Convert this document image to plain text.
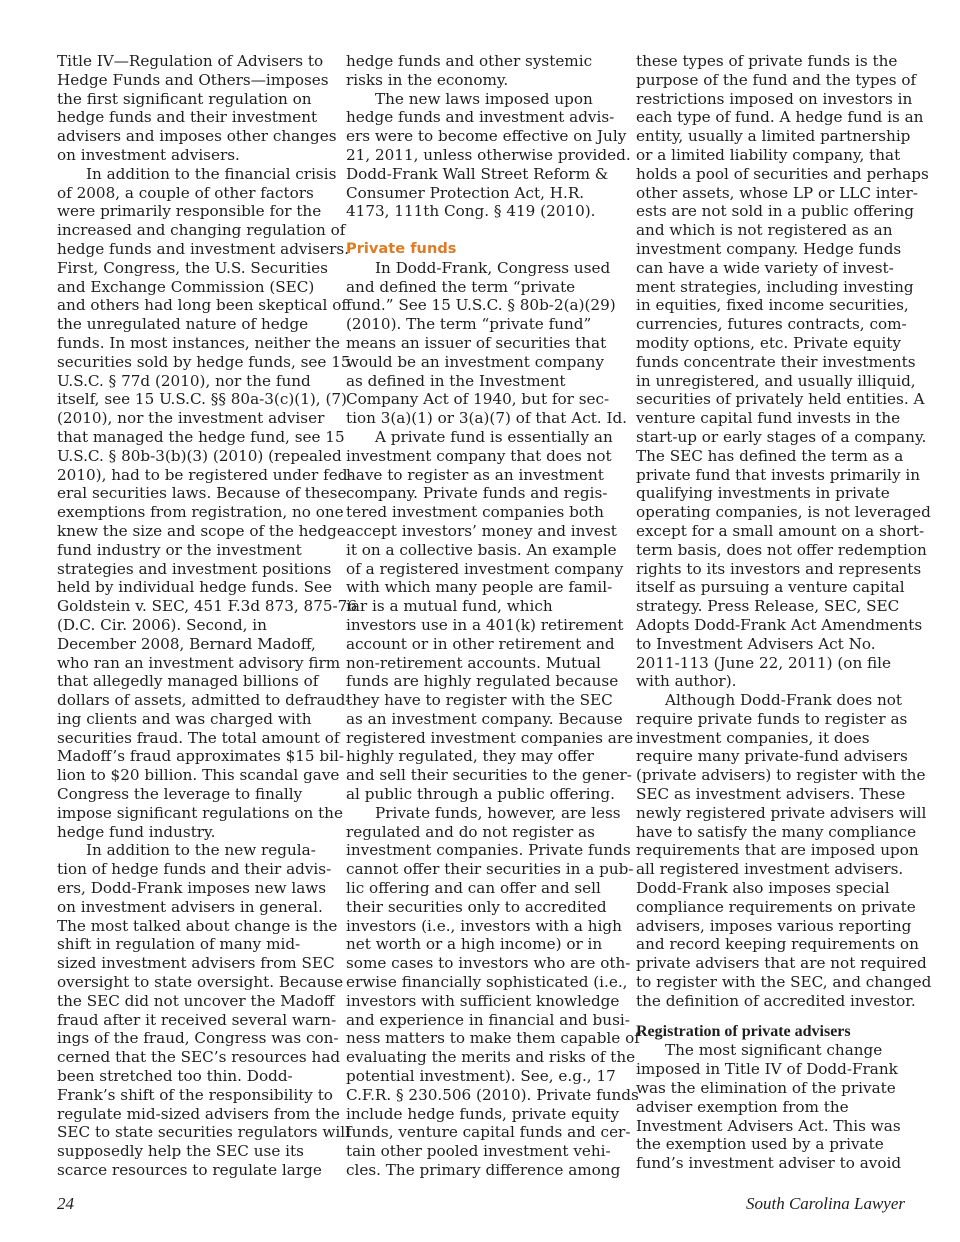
Title IV—Regulation of Advisers to
Hedge Funds and Others—imposes
the first significant regulation on
hedge funds and their investment
advisers and imposes other changes
on investment advisers.
In addition to the financial crisis
of 2008, a couple of other factors
were primarily responsible for the
increased and changing regulation of
hedge funds and investment advisers.
First, Congress, the U.S. Securities
and Exchange Commission (SEC)
and others had long been skeptical of
the unregulated nature of hedge
funds. In most instances, neither the
securities sold by hedge funds, see 15
U.S.C. § 77d (2010), nor the fund
itself, see 15 U.S.C. §§ 80a-3(c)(1), (7)
(2010), nor the investment adviser
that managed the hedge fund, see 15
U.S.C. § 80b-3(b)(3) (2010) (repealed
2010), had to be registered under fed-
eral securities laws. Because of these
exemptions from registration, no one
knew the size and scope of the hedge
fund industry or the investment
strategies and investment positions
held by individual hedge funds. See
Goldstein v. SEC, 451 F.3d 873, 875-76
(D.C. Cir. 2006). Second, in
December 2008, Bernard Madoff,
who ran an investment advisory firm
that allegedly managed billions of
dollars of assets, admitted to defraud-
ing clients and was charged with
securities fraud. The total amount of
Madoff’s fraud approximates $15 bil-
lion to $20 billion. This scandal gave
Congress the leverage to finally
impose significant regulations on the
hedge fund industry.
In addition to the new regula-
tion of hedge funds and their advis-
ers, Dodd-Frank imposes new laws
on investment advisers in general.
The most talked about change is the
shift in regulation of many mid-
sized investment advisers from SEC
oversight to state oversight. Because
the SEC did not uncover the Madoff
fraud after it received several warn-
ings of the fraud, Congress was con-
cerned that the SEC’s resources had
been stretched too thin. Dodd-
Frank’s shift of the responsibility to
regulate mid-sized advisers from the
SEC to state securities regulators will
supposedly help the SEC use its
scarce resources to regulate large
hedge funds and other systemic
risks in the economy.
The new laws imposed upon
hedge funds and investment advis-
ers were to become effective on July
21, 2011, unless otherwise provided.
Dodd-Frank Wall Street Reform &
Consumer Protection Act, H.R.
4173, 111th Cong. § 419 (2010).
Private funds
In Dodd-Frank, Congress used
and defined the term “private
fund.” See 15 U.S.C. § 80b-2(a)(29)
(2010). The term “private fund”
means an issuer of securities that
would be an investment company
as defined in the Investment
Company Act of 1940, but for sec-
tion 3(a)(1) or 3(a)(7) of that Act. Id.
A private fund is essentially an
investment company that does not
have to register as an investment
company. Private funds and regis-
tered investment companies both
accept investors’ money and invest
it on a collective basis. An example
of a registered investment company
with which many people are famil-
iar is a mutual fund, which
investors use in a 401(k) retirement
account or in other retirement and
non-retirement accounts. Mutual
funds are highly regulated because
they have to register with the SEC
as an investment company. Because
registered investment companies are
highly regulated, they may offer
and sell their securities to the gener-
al public through a public offering.
Private funds, however, are less
regulated and do not register as
investment companies. Private funds
cannot offer their securities in a pub-
lic offering and can offer and sell
their securities only to accredited
investors (i.e., investors with a high
net worth or a high income) or in
some cases to investors who are oth-
erwise financially sophisticated (i.e.,
investors with sufficient knowledge
and experience in financial and busi-
ness matters to make them capable of
evaluating the merits and risks of the
potential investment). See, e.g., 17
C.F.R. § 230.506 (2010). Private funds
include hedge funds, private equity
funds, venture capital funds and cer-
tain other pooled investment vehi-
cles. The primary difference among
these types of private funds is the
purpose of the fund and the types of
restrictions imposed on investors in
each type of fund. A hedge fund is an
entity, usually a limited partnership
or a limited liability company, that
holds a pool of securities and perhaps
other assets, whose LP or LLC inter-
ests are not sold in a public offering
and which is not registered as an
investment company. Hedge funds
can have a wide variety of invest-
ment strategies, including investing
in equities, fixed income securities,
currencies, futures contracts, com-
modity options, etc. Private equity
funds concentrate their investments
in unregistered, and usually illiquid,
securities of privately held entities. A
venture capital fund invests in the
start-up or early stages of a company.
The SEC has defined the term as a
private fund that invests primarily in
qualifying investments in private
operating companies, is not leveraged
except for a small amount on a short-
term basis, does not offer redemption
rights to its investors and represents
itself as pursuing a venture capital
strategy. Press Release, SEC, SEC
Adopts Dodd-Frank Act Amendments
to Investment Advisers Act No.
2011-113 (June 22, 2011) (on file
with author).
Although Dodd-Frank does not
require private funds to register as
investment companies, it does
require many private-fund advisers
(private advisers) to register with the
SEC as investment advisers. These
newly registered private advisers will
have to satisfy the many compliance
requirements that are imposed upon
all registered investment advisers.
Dodd-Frank also imposes special
compliance requirements on private
advisers, imposes various reporting
and record keeping requirements on
private advisers that are not required
to register with the SEC, and changed
the definition of accredited investor.
Registration of private advisers
The most significant change
imposed in Title IV of Dodd-Frank
was the elimination of the private
adviser exemption from the
Investment Advisers Act. This was
the exemption used by a private
fund’s investment adviser to avoid
24	South Carolina Lawyer
